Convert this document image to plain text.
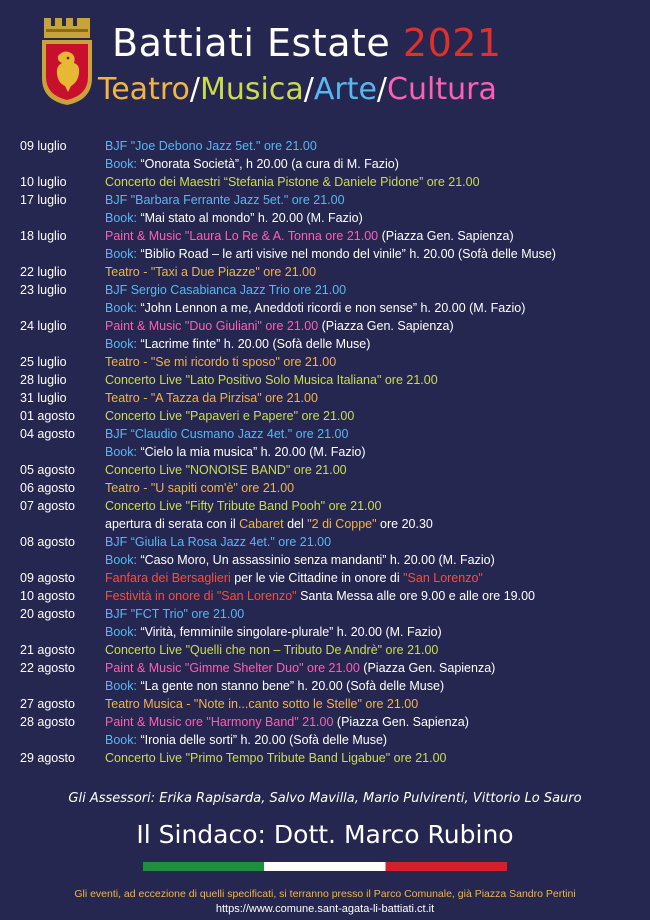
Battiati Estate 2021
Teatro/Musica/Arte/Cultura
09 luglio	BJF "Joe Debono Jazz 5et." ore 21.00
Book: “Onorata Società”, h 20.00 (a cura di M. Fazio)
10 luglio	Concerto dei Maestri “Stefania Pistone & Daniele Pidone” ore 21.00
17 luglio	BJF "Barbara Ferrante Jazz 5et." ore 21.00
Book: “Mai stato al mondo” h. 20.00 (M. Fazio)
18 luglio	Paint & Music "Laura Lo Re & A. Tonna ore 21.00 (Piazza Gen. Sapienza)
Book: “Biblio Road – le arti visive nel mondo del vinile” h. 20.00 (Sofà delle Muse)
22 luglio	Teatro - "Taxi a Due Piazze" ore 21.00
23 luglio	BJF Sergio Casabianca Jazz Trio ore 21.00
Book: “John Lennon a me, Aneddoti ricordi e non sense” h. 20.00 (M. Fazio)
24 luglio	Paint & Music "Duo Giuliani" ore 21.00 (Piazza Gen. Sapienza)
Book: “Lacrime finte” h. 20.00 (Sofà delle Muse)
25 luglio	Teatro - "Se mi ricordo ti sposo" ore 21.00
28 luglio	Concerto Live "Lato Positivo Solo Musica Italiana" ore 21.00
31 luglio	Teatro - "A Tazza da Pirzisa" ore 21.00
01 agosto Concerto Live "Papaveri e Papere" ore 21.00
04 agosto BJF “Claudio Cusmano Jazz 4et." ore 21.00
Book: “Cielo la mia musica” h. 20.00 (M. Fazio)
05 agosto Concerto Live "NONOISE BAND" ore 21.00
06 agosto Teatro - "U sapiti com'è" ore 21.00
07 agosto Concerto Live "Fifty Tribute Band Pooh" ore 21.00
apertura di serata con il Cabaret del "2 di Coppe" ore 20.30
08 agosto BJF “Giulia La Rosa Jazz 4et." ore 21.00
Book: “Caso Moro, Un assassinio senza mandanti” h. 20.00 (M. Fazio)
09 agosto Fanfara dei Bersaglieri per le vie Cittadine in onore di "San Lorenzo"
10 agosto Festività in onore di "San Lorenzo" Santa Messa alle ore 9.00 e alle ore 19.00
20 agosto BJF "FCT Trio" ore 21.00
Book: “Virità, femminile singolare-plurale” h. 20.00 (M. Fazio)
21 agosto Concerto Live "Quelli che non – Tributo De Andrè" ore 21.00
22 agosto Paint & Music "Gimme Shelter Duo" ore 21.00 (Piazza Gen. Sapienza)
Book: “La gente non stanno bene” h. 20.00 (Sofà delle Muse)
27 agosto Teatro Musica - "Note in...canto sotto le Stelle" ore 21.00
28 agosto Paint & Music ore "Harmony Band" 21.00 (Piazza Gen. Sapienza)
Book: “Ironia delle sorti” h. 20.00 (Sofà delle Muse)
29 agosto Concerto Live "Primo Tempo Tribute Band Ligabue" ore 21.00
Gli Assessori: Erika Rapisarda, Salvo Mavilla, Mario Pulvirenti, Vittorio Lo Sauro
Il Sindaco: Dott. Marco Rubino
Gli eventi, ad eccezione di quelli specificati, si terranno presso il Parco Comunale, già Piazza Sandro Pertini
https://www.comune.sant-agata-li-battiati.ct.it
